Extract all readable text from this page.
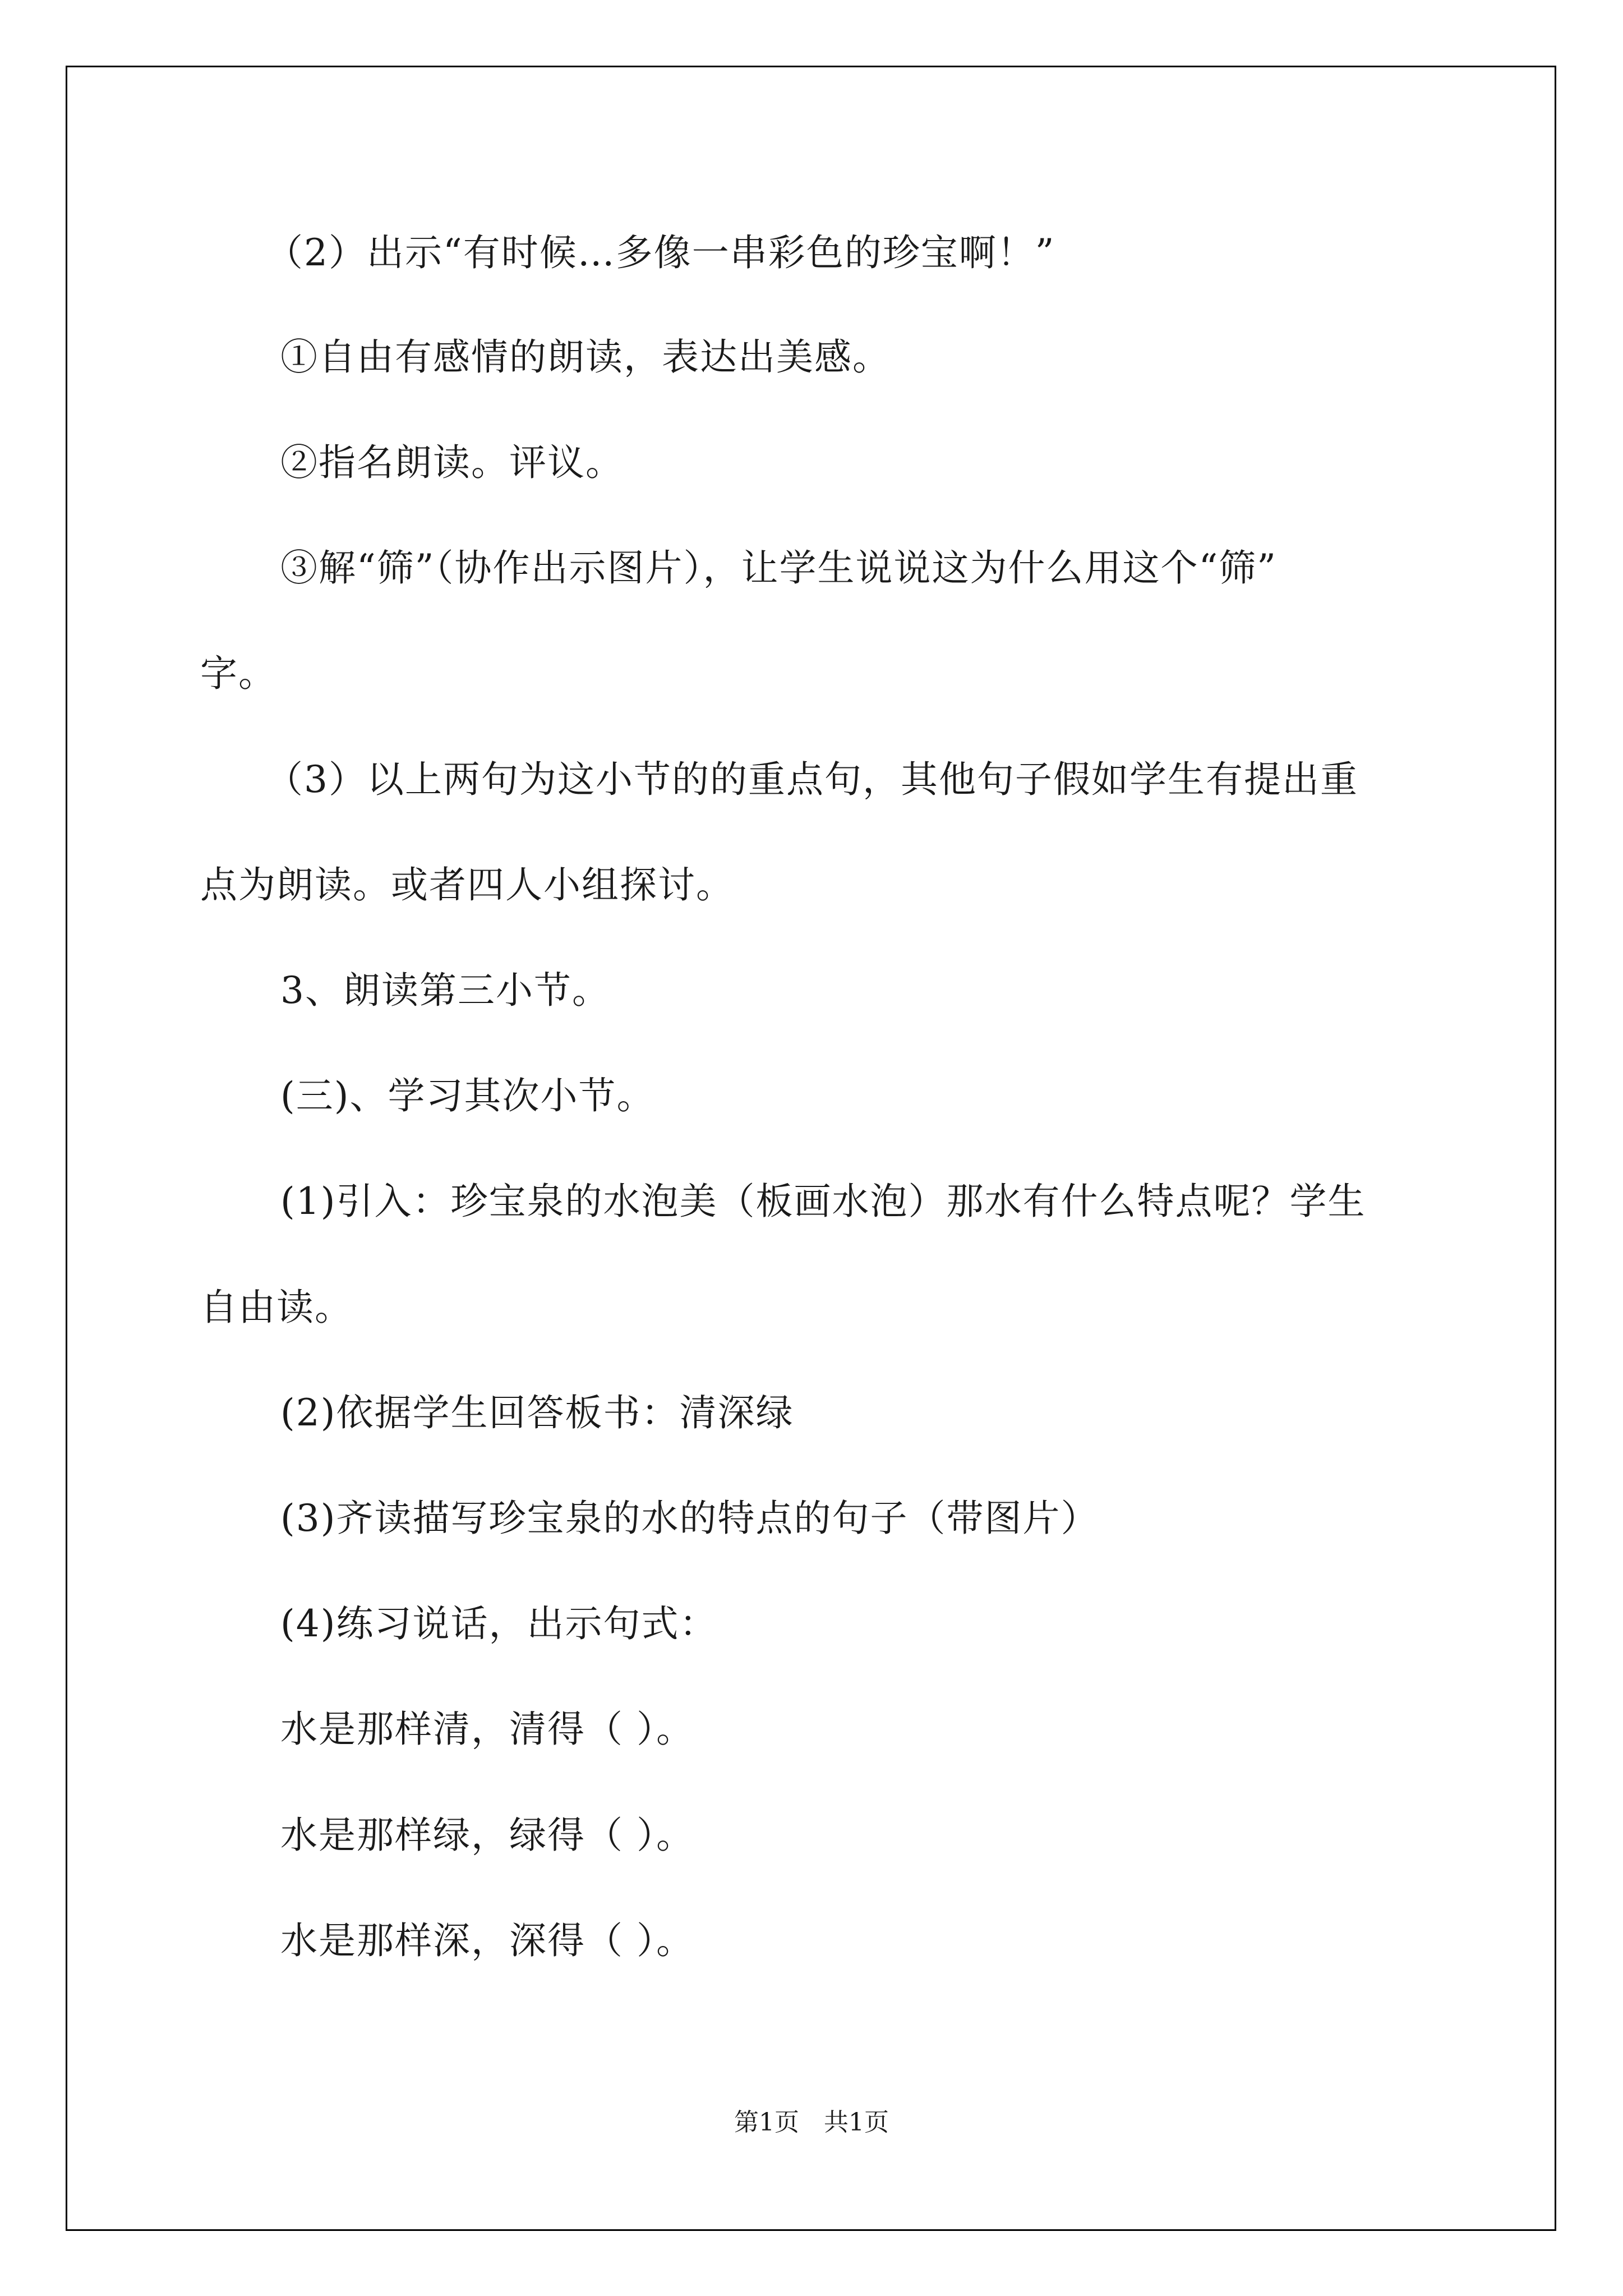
（2）出示“有时候…多像一串彩色的珍宝啊！”
①自由有感情的朗读，表达出美感。
②指名朗读。评议。
③解“筛”（协作出示图片），让学生说说这为什么用这个“筛”
字。
（3）以上两句为这小节的的重点句，其他句子假如学生有提出重
点为朗读。或者四人小组探讨。
3、朗读第三小节。
(三)、学习其次小节。
(1)引入：珍宝泉的水泡美（板画水泡）那水有什么特点呢？学生
自由读。
(2)依据学生回答板书：清深绿
(3)齐读描写珍宝泉的水的特点的句子（带图片）
(4)练习说话，出示句式：
水是那样清，清得（ ）。
水是那样绿，绿得（ ）。
水是那样深，深得（ ）。
第1页　共1页
